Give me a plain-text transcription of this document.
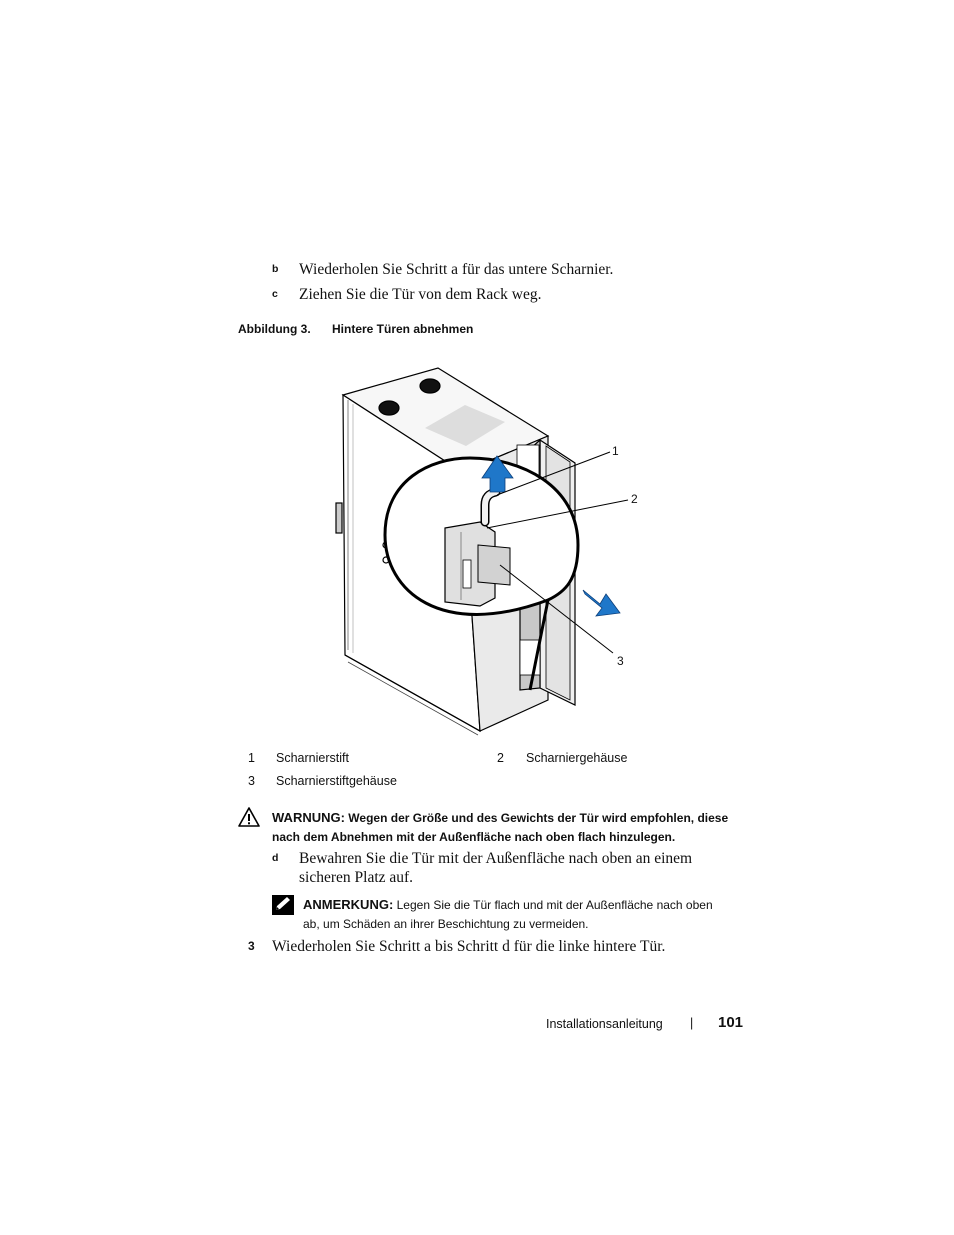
b Wiederholen Sie Schritt a für das untere Scharnier.
c Ziehen Sie die Tür von dem Rack weg.
Abbildung 3. Hintere Türen abnehmen
1
2
3
1 Scharnierstift	2 Scharniergehäuse
3 Scharnierstiftgehäuse
WARNUNG: Wegen der Größe und des Gewichts der Tür wird empfohlen, diese
nach dem Abnehmen mit der Außenfläche nach oben flach hinzulegen.
d Bewahren Sie die Tür mit der Außenfläche nach oben an einem
sicheren Platz auf.
ANMERKUNG: Legen Sie die Tür flach und mit der Außenfläche nach oben
ab, um Schäden an ihrer Beschichtung zu vermeiden.
3 Wiederholen Sie Schritt a bis Schritt d für die linke hintere Tür.
Installationsanleitung | 101
